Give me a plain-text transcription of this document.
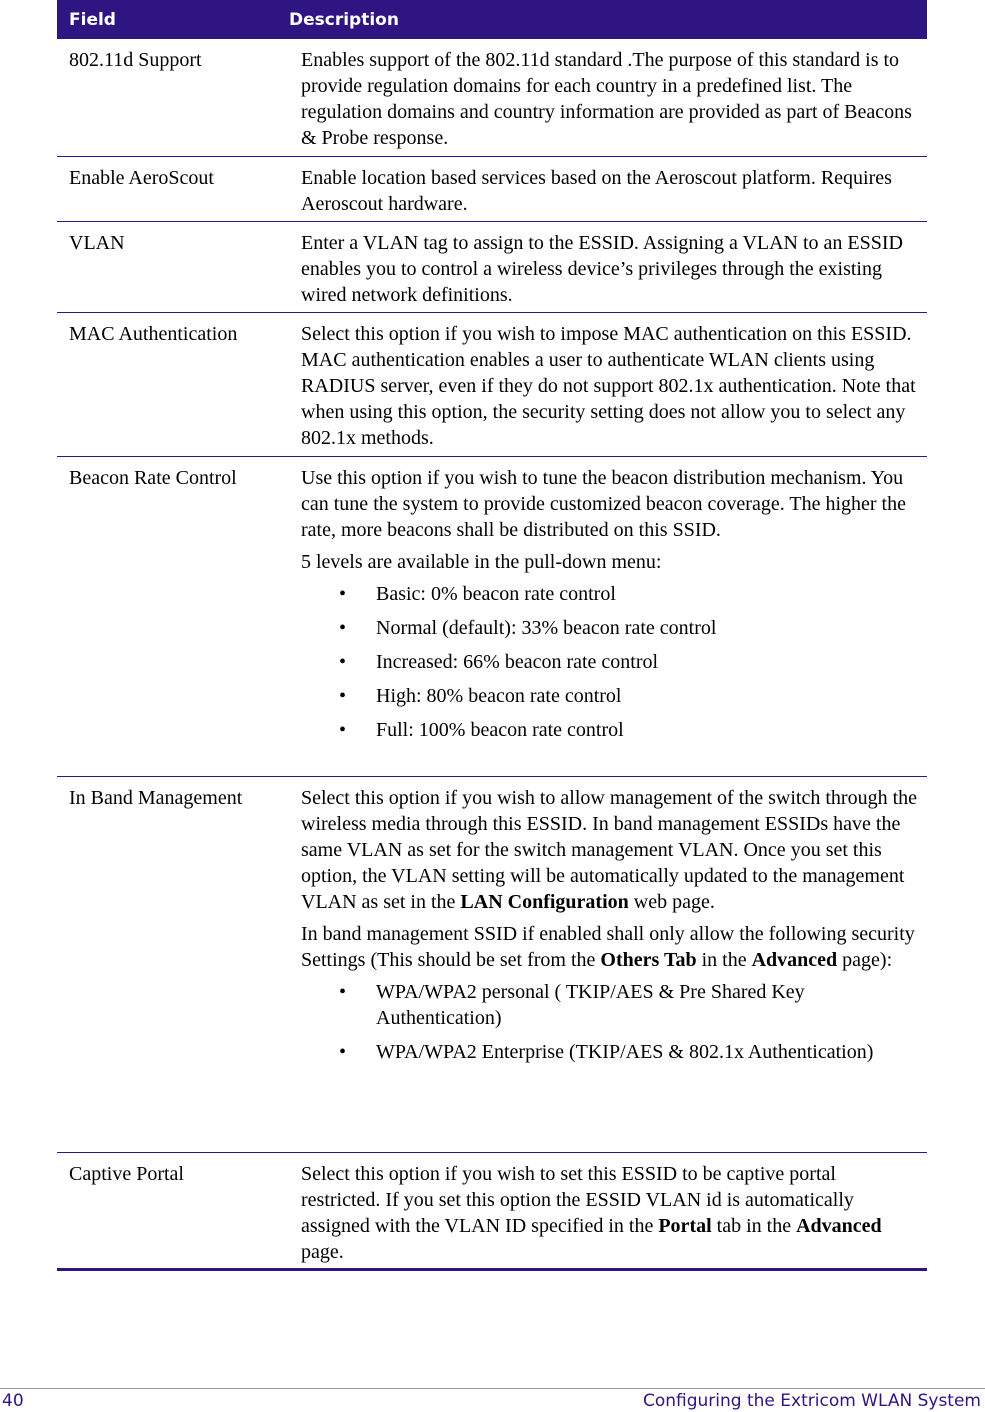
Field	Description
802.11d Support	Enables support of the 802.11d standard .The purpose of this standard is to provide regulation domains for each country in a predefined list. The regulation domains and country information are provided as part of Beacons & Probe response.

Enable AeroScout	Enable location based services based on the Aeroscout platform. Requires Aeroscout hardware.

VLAN	Enter a VLAN tag to assign to the ESSID. Assigning a VLAN to an ESSID enables you to control a wireless device’s privileges through the existing wired network definitions.

MAC Authentication	Select this option if you wish to impose MAC authentication on this ESSID. MAC authentication enables a user to authenticate WLAN clients using RADIUS server, even if they do not support 802.1x authentication. Note that when using this option, the security setting does not allow you to select any 802.1x methods.

Beacon Rate Control	Use this option if you wish to tune the beacon distribution mechanism. You can tune the system to provide customized beacon coverage. The higher the rate, more beacons shall be distributed on this SSID.

5 levels are available in the pull-down menu:

• Basic: 0% beacon rate control
• Normal (default): 33% beacon rate control
• Increased: 66% beacon rate control
• High: 80% beacon rate control
• Full: 100% beacon rate control
In Band Management	Select this option if you wish to allow management of the switch through the wireless media through this ESSID. In band management ESSIDs have the same VLAN as set for the switch management VLAN. Once you set this option, the VLAN setting will be automatically updated to the management VLAN as set in the LAN Configuration web page.

In band management SSID if enabled shall only allow the following security Settings (This should be set from the Others Tab in the Advanced page):

• WPA/WPA2 personal ( TKIP/AES & Pre Shared Key Authentication)
• WPA/WPA2 Enterprise (TKIP/AES & 802.1x Authentication)
Captive Portal	Select this option if you wish to set this ESSID to be captive portal restricted. If you set this option the ESSID VLAN id is automatically assigned with the VLAN ID specified in the Portal tab in the Advanced page.

40	Configuring the Extricom WLAN System
